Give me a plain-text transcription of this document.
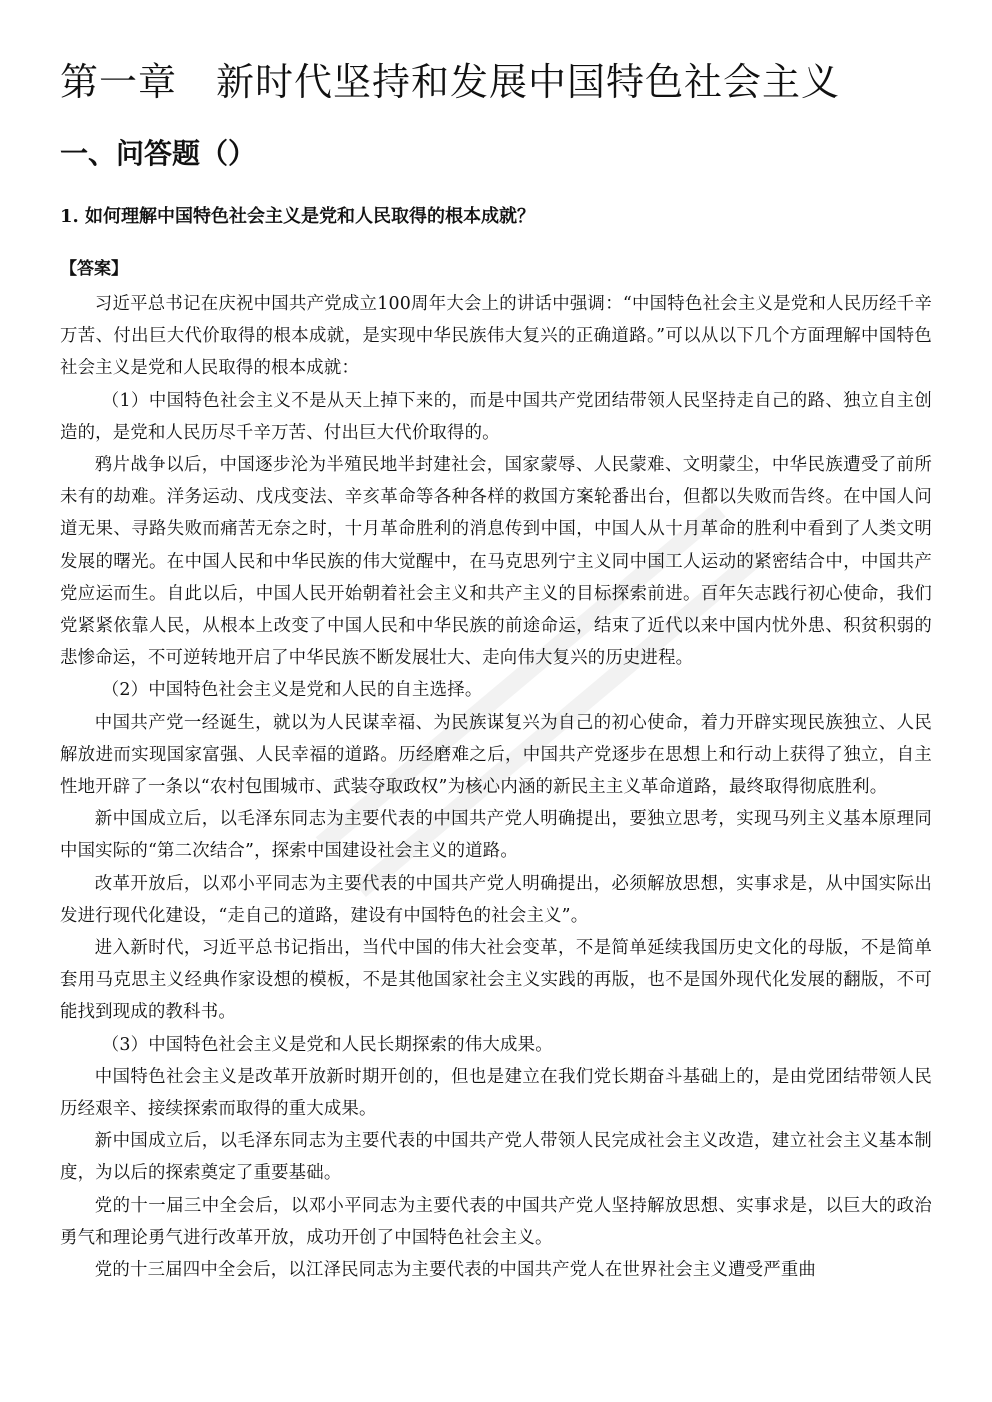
第一章　新时代坚持和发展中国特色社会主义
一、问答题（）
1. 如何理解中国特色社会主义是党和人民取得的根本成就？
【答案】

习近平总书记在庆祝中国共产党成立100周年大会上的讲话中强调：“中国特色社会主义是党和人民历经千辛万苦、付出巨大代价取得的根本成就，是实现中华民族伟大复兴的正确道路。”可以从以下几个方面理解中国特色社会主义是党和人民取得的根本成就：

（1）中国特色社会主义不是从天上掉下来的，而是中国共产党团结带领人民坚持走自己的路、独立自主创造的，是党和人民历尽千辛万苦、付出巨大代价取得的。

鸦片战争以后，中国逐步沦为半殖民地半封建社会，国家蒙辱、人民蒙难、文明蒙尘，中华民族遭受了前所未有的劫难。洋务运动、戊戌变法、辛亥革命等各种各样的救国方案轮番出台，但都以失败而告终。在中国人问道无果、寻路失败而痛苦无奈之时，十月革命胜利的消息传到中国，中国人从十月革命的胜利中看到了人类文明发展的曙光。在中国人民和中华民族的伟大觉醒中，在马克思列宁主义同中国工人运动的紧密结合中，中国共产党应运而生。自此以后，中国人民开始朝着社会主义和共产主义的目标探索前进。百年矢志践行初心使命，我们党紧紧依靠人民，从根本上改变了中国人民和中华民族的前途命运，结束了近代以来中国内忧外患、积贫积弱的悲惨命运，不可逆转地开启了中华民族不断发展壮大、走向伟大复兴的历史进程。

（2）中国特色社会主义是党和人民的自主选择。

中国共产党一经诞生，就以为人民谋幸福、为民族谋复兴为自己的初心使命，着力开辟实现民族独立、人民解放进而实现国家富强、人民幸福的道路。历经磨难之后，中国共产党逐步在思想上和行动上获得了独立，自主性地开辟了一条以“农村包围城市、武装夺取政权”为核心内涵的新民主主义革命道路，最终取得彻底胜利。

新中国成立后，以毛泽东同志为主要代表的中国共产党人明确提出，要独立思考，实现马列主义基本原理同中国实际的“第二次结合”，探索中国建设社会主义的道路。

改革开放后，以邓小平同志为主要代表的中国共产党人明确提出，必须解放思想，实事求是，从中国实际出发进行现代化建设，“走自己的道路，建设有中国特色的社会主义”。

进入新时代，习近平总书记指出，当代中国的伟大社会变革，不是简单延续我国历史文化的母版，不是简单套用马克思主义经典作家设想的模板，不是其他国家社会主义实践的再版，也不是国外现代化发展的翻版，不可能找到现成的教科书。

（3）中国特色社会主义是党和人民长期探索的伟大成果。

中国特色社会主义是改革开放新时期开创的，但也是建立在我们党长期奋斗基础上的，是由党团结带领人民历经艰辛、接续探索而取得的重大成果。

新中国成立后，以毛泽东同志为主要代表的中国共产党人带领人民完成社会主义改造，建立社会主义基本制度，为以后的探索奠定了重要基础。

党的十一届三中全会后，以邓小平同志为主要代表的中国共产党人坚持解放思想、实事求是，以巨大的政治勇气和理论勇气进行改革开放，成功开创了中国特色社会主义。

党的十三届四中全会后，以江泽民同志为主要代表的中国共产党人在世界社会主义遭受严重曲
